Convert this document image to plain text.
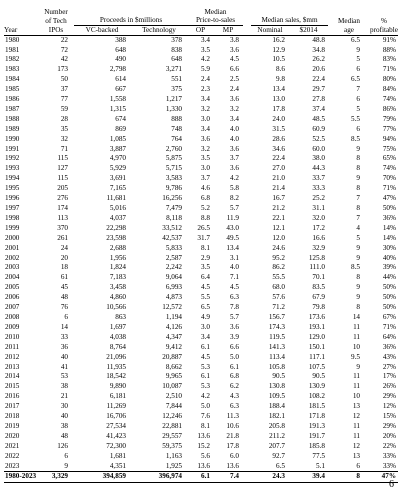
	Number			Median						
	of Tech	Proceeds in $millions		Price-to-sales			Median sales, $mm		Median	%
Year	IPOs	VC-backed	Technology	OP	MP		Nominal	$2014	age	profitable
1980	22	388	378	3.4	3.8		16.2	48.8	6.5	91%
1981	72	648	838	3.5	3.6		12.9	34.8	9	88%
1982	42	490	648	4.2	4.5		10.5	26.2	5	83%
1983	173	2,798	3,271	5.9	6.6		8.6	20.6	6	71%
1984	50	614	551	2.4	2.5		9.8	22.4	6.5	80%
1985	37	667	375	2.3	2.4		13.4	29.7	7	84%
1986	77	1,558	1,217	3.4	3.6		13.0	27.8	6	74%
1987	59	1,315	1,330	3.2	3.2		17.8	37.4	5	86%
1988	28	674	888	3.0	3.4		24.0	48.5	5.5	79%
1989	35	869	748	3.4	4.0		31.5	60.9	6	77%
1990	32	1,085	764	3.6	4.0		28.6	52.5	8.5	94%
1991	71	3,887	2,760	3.2	3.6		34.6	60.0	9	75%
1992	115	4,970	5,875	3.5	3.7		22.4	38.0	8	65%
1993	127	5,929	5,715	3.0	3.6		27.0	44.3	8	74%
1994	115	3,691	3,583	3.7	4.2		21.0	33.7	9	70%
1995	205	7,165	9,786	4.6	5.8		21.4	33.3	8	71%
1996	276	11,681	16,256	6.8	8.2		16.7	25.2	7	47%
1997	174	5,016	7,479	5.2	5.7		21.2	31.1	8	50%
1998	113	4,037	8,118	8.8	11.9		22.1	32.0	7	36%
1999	370	22,298	33,512	26.5	43.0		12.1	17.2	4	14%
2000	261	23,598	42,537	31.7	49.5		12.0	16.6	5	14%
2001	24	2,688	5,833	8.1	13.4		24.6	32.9	9	30%
2002	20	1,956	2,587	2.9	3.1		95.2	125.8	9	40%
2003	18	1,824	2,242	3.5	4.0		86.2	111.0	8.5	39%
2004	61	7,183	9,064	6.4	7.1		55.5	70.1	8	44%
2005	45	3,458	6,993	4.5	4.5		68.0	83.5	9	50%
2006	48	4,860	4,873	5.5	6.3		57.6	67.9	9	50%
2007	76	10,566	12,572	6.5	7.8		71.2	79.8	8	50%
2008	6	863	1,194	4.9	5.7		156.7	173.6	14	67%
2009	14	1,697	4,126	3.0	3.6		174.3	193.1	11	71%
2010	33	4,038	4,347	3.4	3.9		119.5	129.0	11	64%
2011	36	8,764	9,412	6.1	6.6		141.3	150.1	10	36%
2012	40	21,096	20,887	4.5	5.0		113.4	117.1	9.5	43%
2013	41	11,935	8,662	5.3	6.1		105.8	107.5	9	27%
2014	53	18,542	9,965	6.1	6.8		90.5	90.5	11	17%
2015	38	9,890	10,087	5.3	6.2		130.8	130.9	11	26%
2016	21	6,181	2,510	4.2	4.3		109.5	108.2	10	29%
2017	30	11,269	7,844	5.0	6.3		188.4	181.5	13	12%
2018	40	16,706	12,246	7.6	11.3		182.1	171.8	12	15%
2019	38	27,534	22,881	8.1	10.6		205.8	191.3	11	29%
2020	48	41,423	29,557	13.6	21.8		211.2	191.7	11	20%
2021	126	72,300	59,375	15.2	17.8		207.7	185.8	12	22%
2022	6	1,681	1,163	5.6	6.0		92.7	77.5	13	33%
2023	9	4,351	1,925	13.6	13.6		6.5	5.1	6	33%
1980-2023	3,329	394,859	396,974	6.1	7.4		24.3	39.4	8	47%
6
